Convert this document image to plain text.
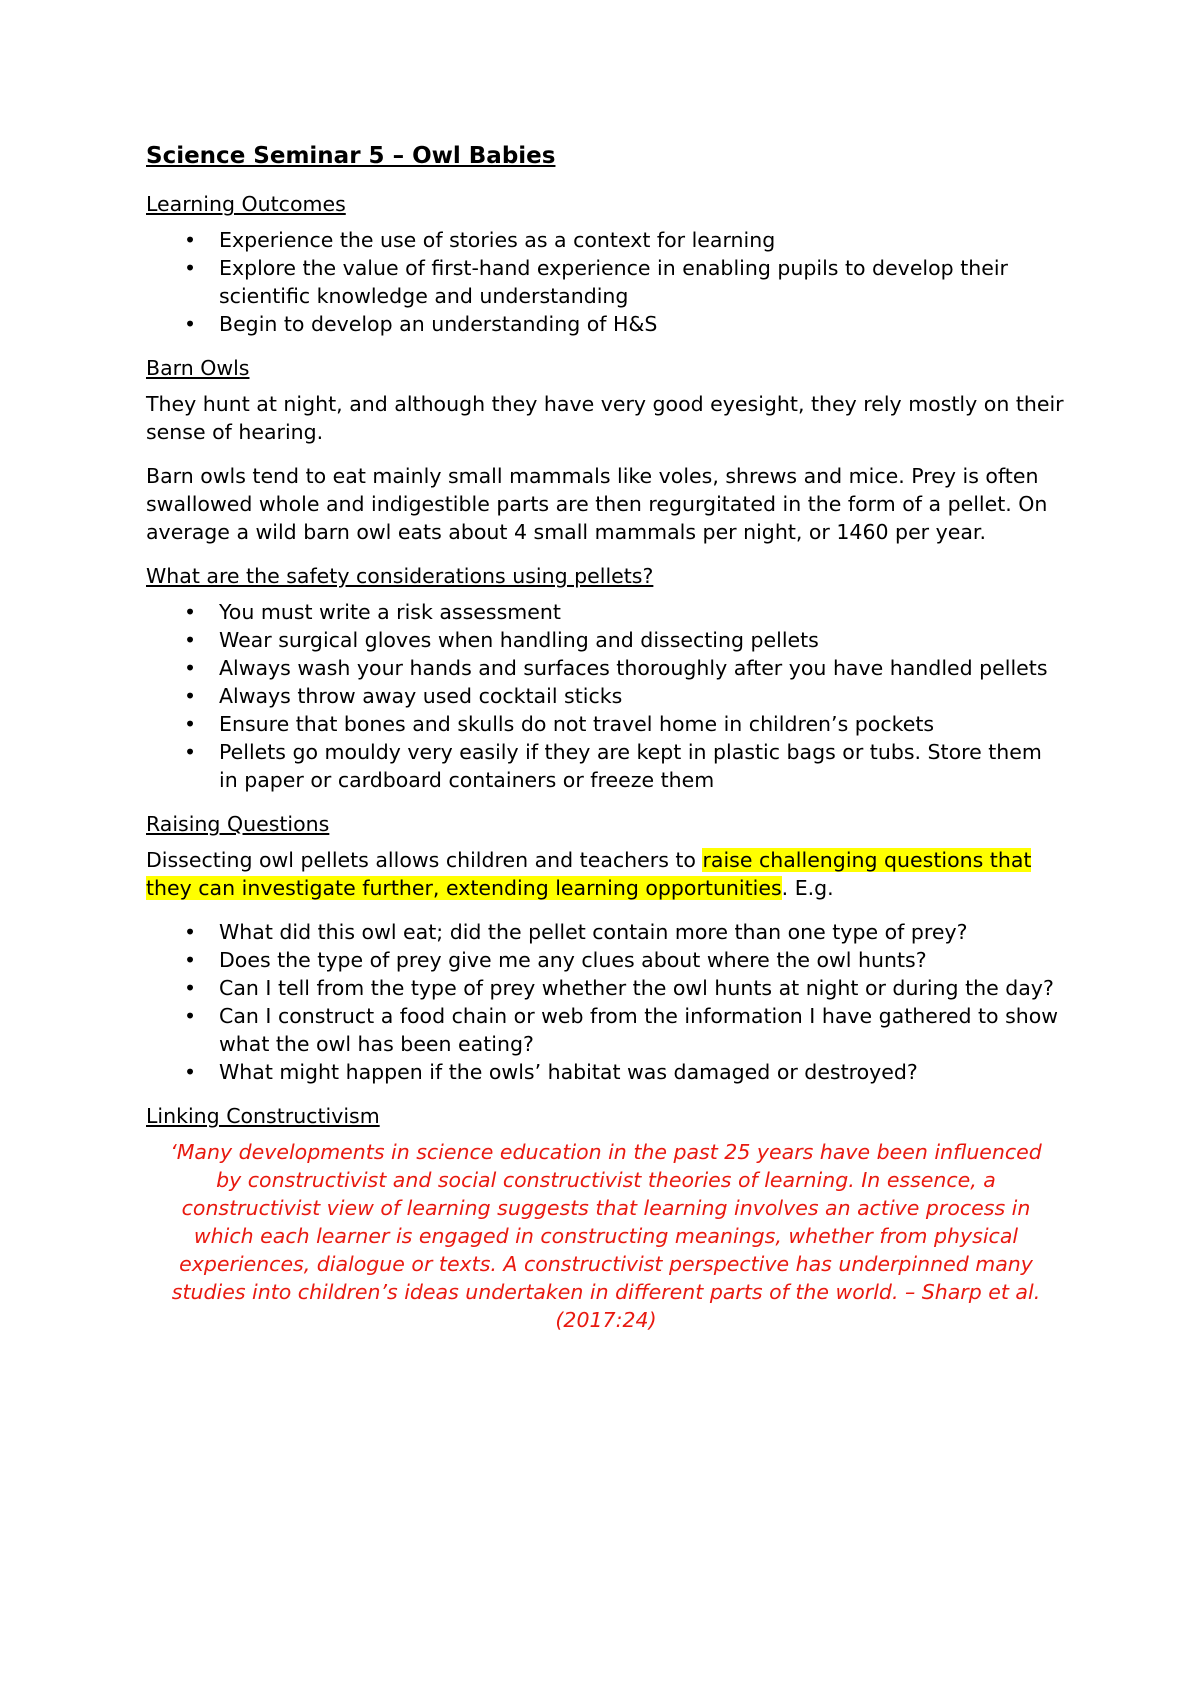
Science Seminar 5 – Owl Babies
Learning Outcomes
• Experience the use of stories as a context for learning
• Explore the value of first-hand experience in enabling pupils to develop their scientific knowledge and understanding
• Begin to develop an understanding of H&S
Barn Owls

They hunt at night, and although they have very good eyesight, they rely mostly on their sense of hearing.

Barn owls tend to eat mainly small mammals like voles, shrews and mice. Prey is often swallowed whole and indigestible parts are then regurgitated in the form of a pellet. On average a wild barn owl eats about 4 small mammals per night, or 1460 per year.

What are the safety considerations using pellets?
• You must write a risk assessment
• Wear surgical gloves when handling and dissecting pellets
• Always wash your hands and surfaces thoroughly after you have handled pellets
• Always throw away used cocktail sticks
• Ensure that bones and skulls do not travel home in children’s pockets
• Pellets go mouldy very easily if they are kept in plastic bags or tubs. Store them in paper or cardboard containers or freeze them
Raising Questions

Dissecting owl pellets allows children and teachers to raise challenging questions that they can investigate further, extending learning opportunities. E.g.

• What did this owl eat; did the pellet contain more than one type of prey?
• Does the type of prey give me any clues about where the owl hunts?
• Can I tell from the type of prey whether the owl hunts at night or during the day?
• Can I construct a food chain or web from the information I have gathered to show what the owl has been eating?
• What might happen if the owls’ habitat was damaged or destroyed?
Linking Constructivism

‘Many developments in science education in the past 25 years have been influenced by constructivist and social constructivist theories of learning. In essence, a constructivist view of learning suggests that learning involves an active process in which each learner is engaged in constructing meanings, whether from physical experiences, dialogue or texts. A constructivist perspective has underpinned many studies into children’s ideas undertaken in different parts of the world. – Sharp et al. (2017:24)
